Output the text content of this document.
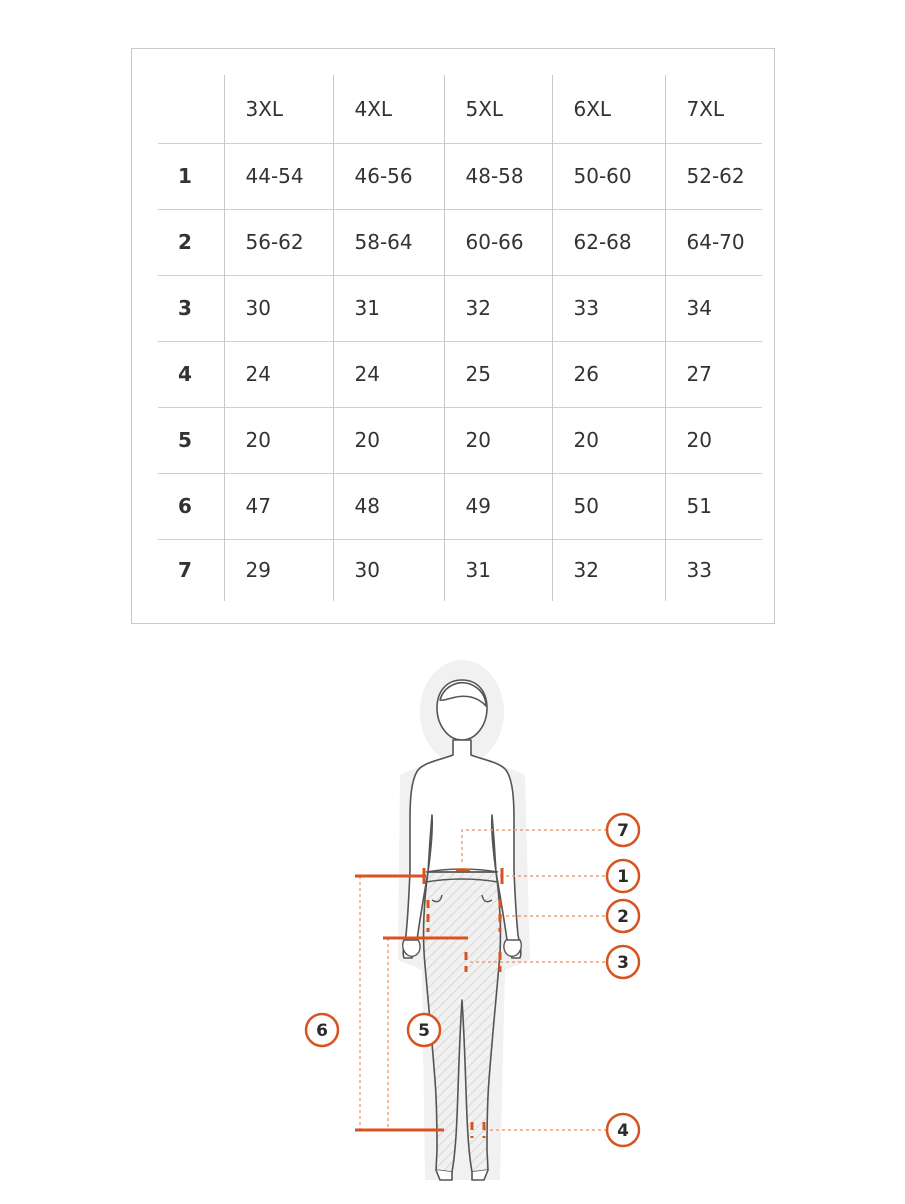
	3XL	4XL	5XL	6XL	7XL
1	44-54	46-56	48-58	50-60	52-62
2	56-62	58-64	60-66	62-68	64-70
3	30	31	32	33	34
4	24	24	25	26	27
5	20	20	20	20	20
6	47	48	49	50	51
7	29	30	31	32	33
7
1
2
3
4
5
6
